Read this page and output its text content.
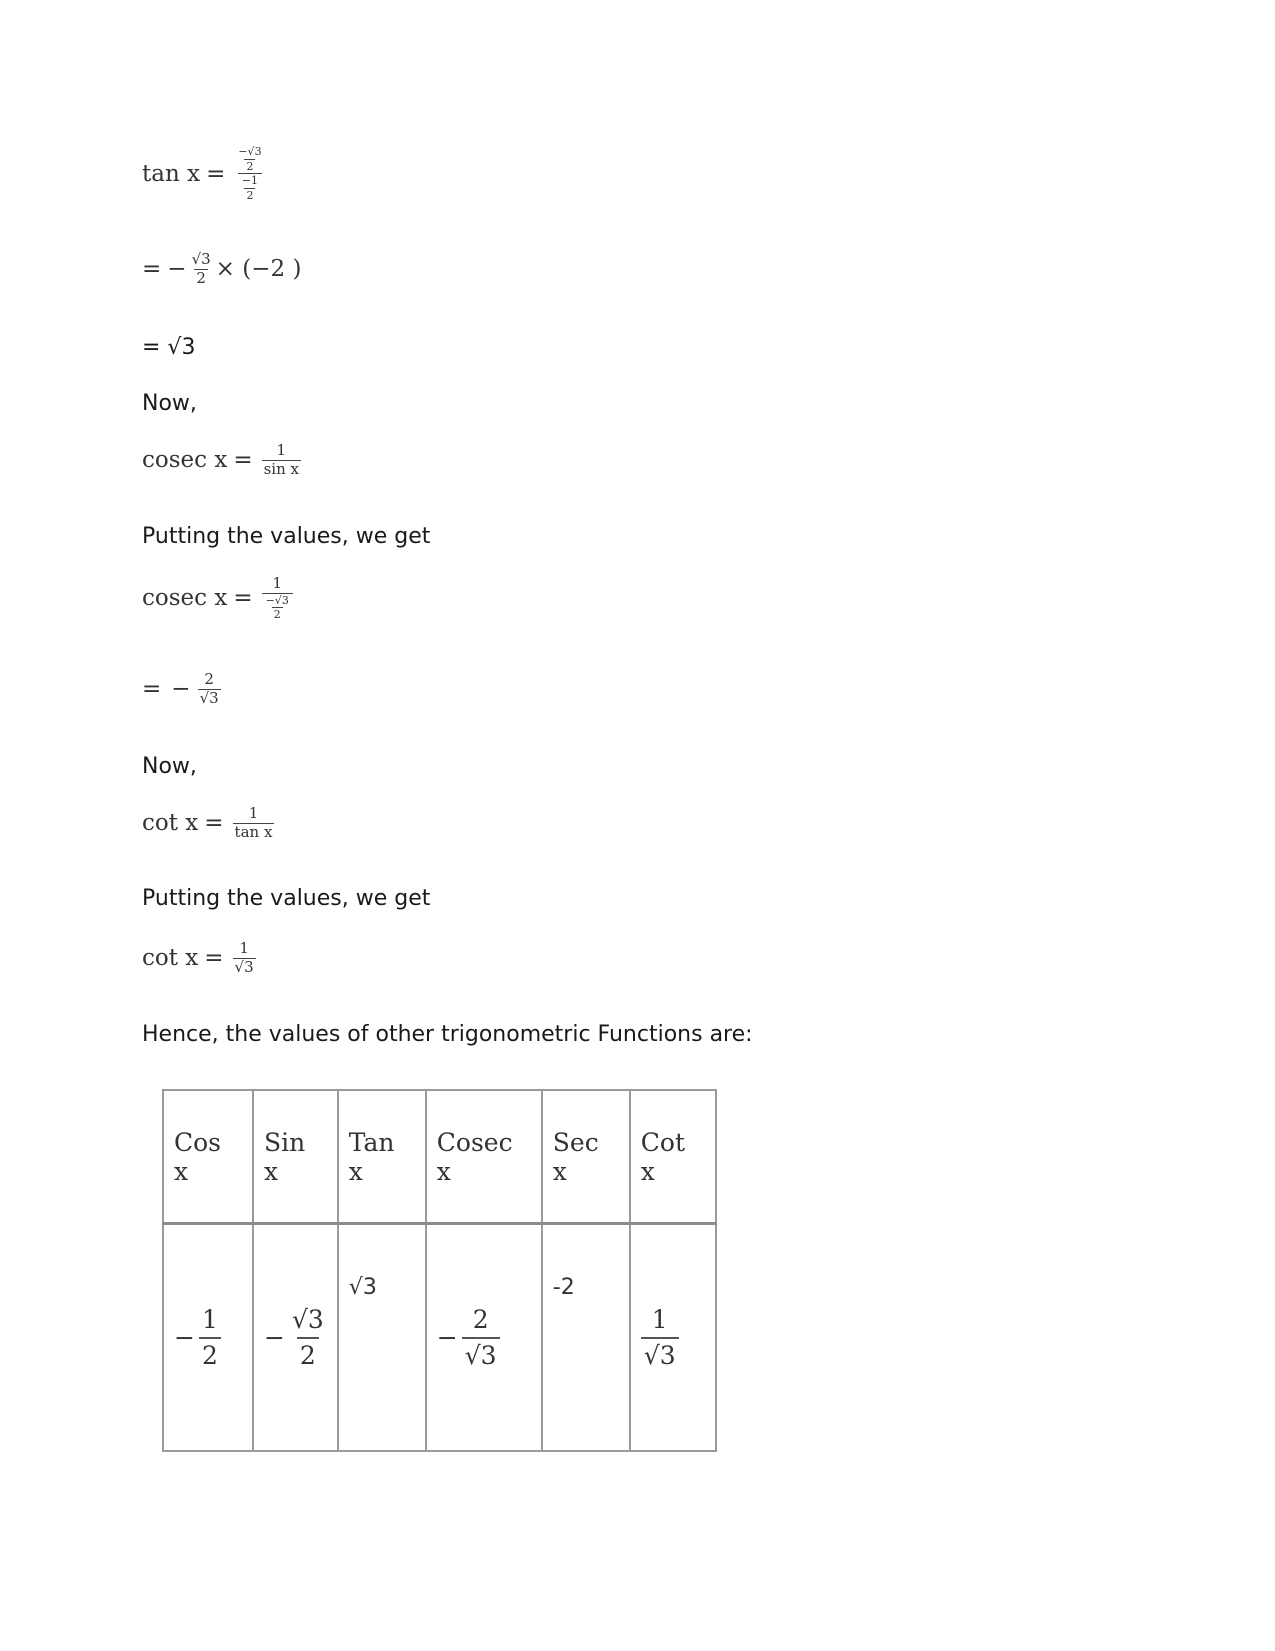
$\tan x = \frac{\frac{-√3}{2}}{\frac{-1}{2}}$
= − $\frac{√3}{2} \times (-2$ )
= √3
Now,
cosec $x = \frac{1}{\text{sin x}}$
Putting the values, we get
cosec $x = \frac{1}{\frac{-√3}{2}}$
= − $\frac{2}{√3}$
Now,
$\cot x = \frac{1}{\text{tan x}}$
Putting the values, we get
$\cot x = \frac{1}{√3}$
Hence, the values of other trigonometric Functions are:
Cos x	Sin x	Tan x	Cosec x	Sec x	Cot x

− $\frac{1}{2}$	− $\frac{√3}{2}$	√3	− $\frac{2}{√3}$	-2	$\frac{1}{√3}$
